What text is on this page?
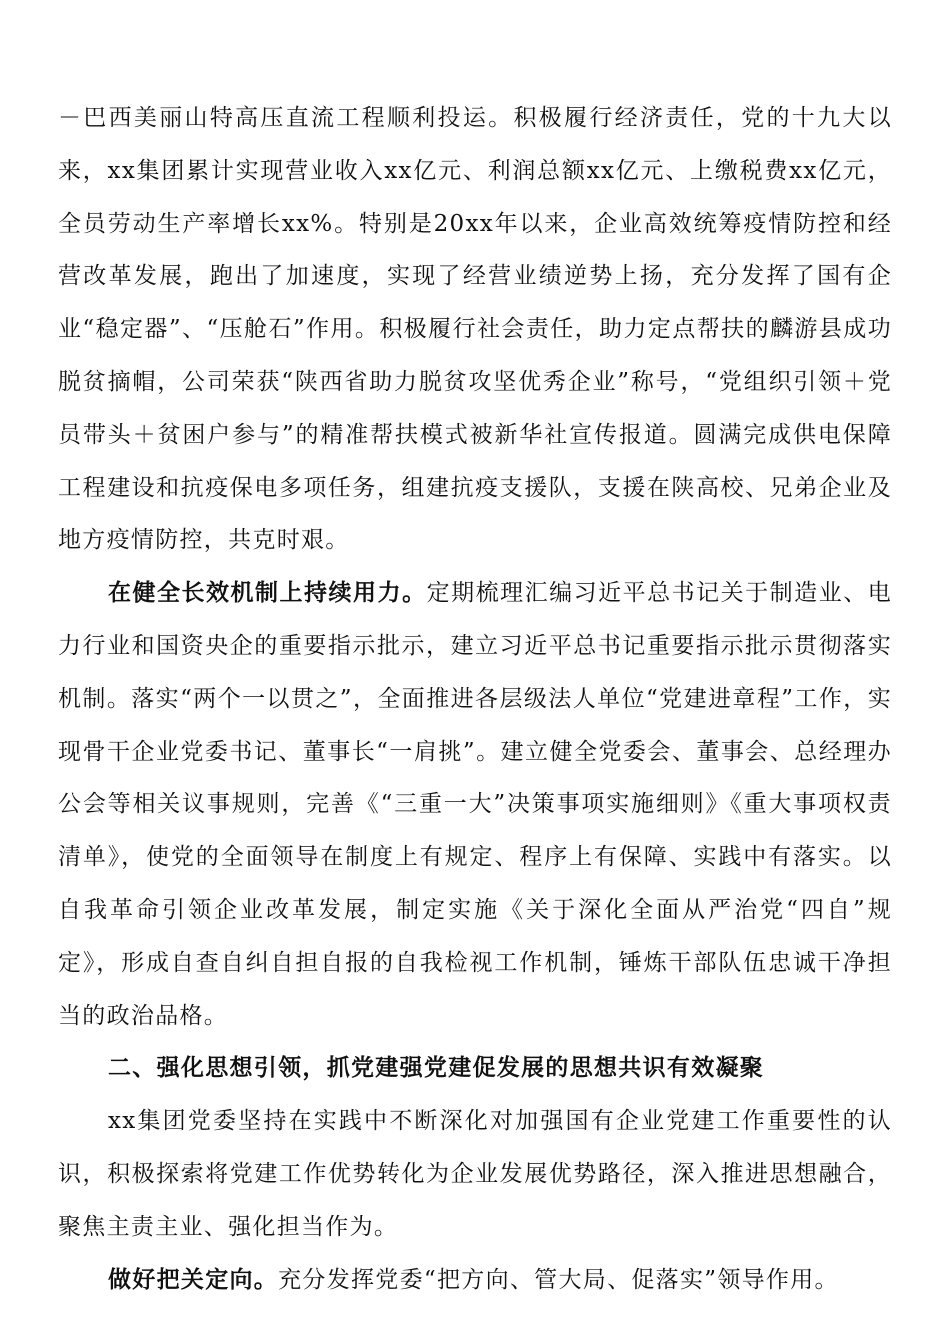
－巴西美丽山特高压直流工程顺利投运。积极履行经济责任，党的十九大以来，xx集团累计实现营业收入xx亿元、利润总额xx亿元、上缴税费xx亿元，全员劳动生产率增长xx%。特别是20xx年以来，企业高效统筹疫情防控和经营改革发展，跑出了加速度，实现了经营业绩逆势上扬，充分发挥了国有企业“稳定器”、“压舱石”作用。积极履行社会责任，助力定点帮扶的麟游县成功脱贫摘帽，公司荣获“陕西省助力脱贫攻坚优秀企业”称号，“党组织引领＋党员带头＋贫困户参与”的精准帮扶模式被新华社宣传报道。圆满完成供电保障工程建设和抗疫保电多项任务，组建抗疫支援队，支援在陕高校、兄弟企业及地方疫情防控，共克时艰。

在健全长效机制上持续用力。定期梳理汇编习近平总书记关于制造业、电力行业和国资央企的重要指示批示，建立习近平总书记重要指示批示贯彻落实机制。落实“两个一以贯之”，全面推进各层级法人单位“党建进章程”工作，实现骨干企业党委书记、董事长“一肩挑”。建立健全党委会、董事会、总经理办公会等相关议事规则，完善《“三重一大”决策事项实施细则》《重大事项权责清单》，使党的全面领导在制度上有规定、程序上有保障、实践中有落实。以自我革命引领企业改革发展，制定实施《关于深化全面从严治党“四自”规定》，形成自查自纠自担自报的自我检视工作机制，锤炼干部队伍忠诚干净担当的政治品格。

二、强化思想引领，抓党建强党建促发展的思想共识有效凝聚

xx集团党委坚持在实践中不断深化对加强国有企业党建工作重要性的认识，积极探索将党建工作优势转化为企业发展优势路径，深入推进思想融合，聚焦主责主业、强化担当作为。

做好把关定向。充分发挥党委“把方向、管大局、促落实”领导作用。
